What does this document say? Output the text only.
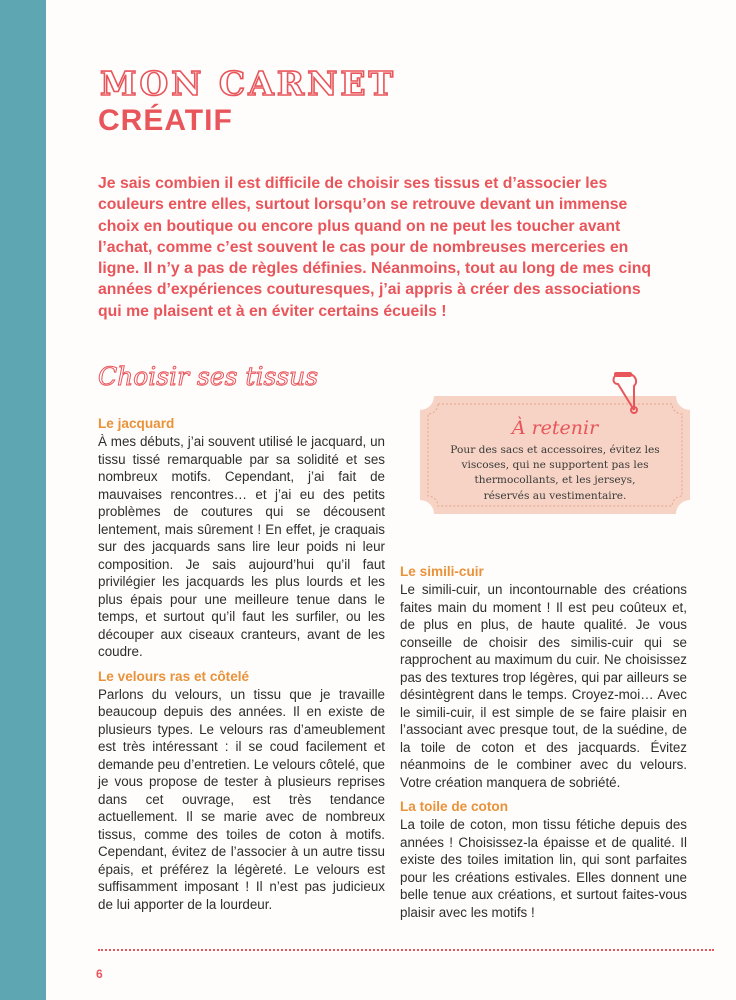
MON CARNET
CRÉATIF
Je sais combien il est difficile de choisir ses tissus et d’associer les couleurs entre elles, surtout lorsqu’on se retrouve devant un immense choix en boutique ou encore plus quand on ne peut les toucher avant l’achat, comme c’est souvent le cas pour de nombreuses merceries en ligne. Il n’y a pas de règles définies. Néanmoins, tout au long de mes cinq années d’expériences couturesques, j’ai appris à créer des associations qui me plaisent et à en éviter certains écueils !
Choisir ses tissus
Le jacquard

À mes débuts, j’ai souvent utilisé le jacquard, un tissu tissé remarquable par sa solidité et ses nombreux motifs. Cependant, j’ai fait de mauvaises rencontres… et j’ai eu des petits problèmes de coutures qui se décousent lentement, mais sûrement ! En effet, je craquais sur des jacquards sans lire leur poids ni leur composition. Je sais aujourd’hui qu’il faut privilégier les jacquards les plus lourds et les plus épais pour une meilleure tenue dans le temps, et surtout qu’il faut les surfiler, ou les découper aux ciseaux cranteurs, avant de les coudre.

Le velours ras et côtelé

Parlons du velours, un tissu que je travaille beaucoup depuis des années. Il en existe de plusieurs types. Le velours ras d’ameublement est très intéressant : il se coud facilement et demande peu d’entretien. Le velours côtelé, que je vous propose de tester à plusieurs reprises dans cet ouvrage, est très tendance actuellement. Il se marie avec de nombreux tissus, comme des toiles de coton à motifs. Cependant, évitez de l’associer à un autre tissu épais, et préférez la légèreté. Le velours est suffisamment imposant ! Il n’est pas judicieux de lui apporter de la lourdeur.

À retenir
Pour des sacs et accessoires, évitez les viscoses, qui ne supportent pas les thermocollants, et les jerseys, réservés au vestimentaire.
Le simili-cuir

Le simili-cuir, un incontournable des créations faites main du moment ! Il est peu coûteux et, de plus en plus, de haute qualité. Je vous conseille de choisir des similis-cuir qui se rapprochent au maximum du cuir. Ne choisissez pas des textures trop légères, qui par ailleurs se désintègrent dans le temps. Croyez-moi… Avec le simili-cuir, il est simple de se faire plaisir en l’associant avec presque tout, de la suédine, de la toile de coton et des jacquards. Évitez néanmoins de le combiner avec du velours. Votre création manquera de sobriété.

La toile de coton

La toile de coton, mon tissu fétiche depuis des années ! Choisissez-la épaisse et de qualité. Il existe des toiles imitation lin, qui sont parfaites pour les créations estivales. Elles donnent une belle tenue aux créations, et surtout faites-vous plaisir avec les motifs !

6
